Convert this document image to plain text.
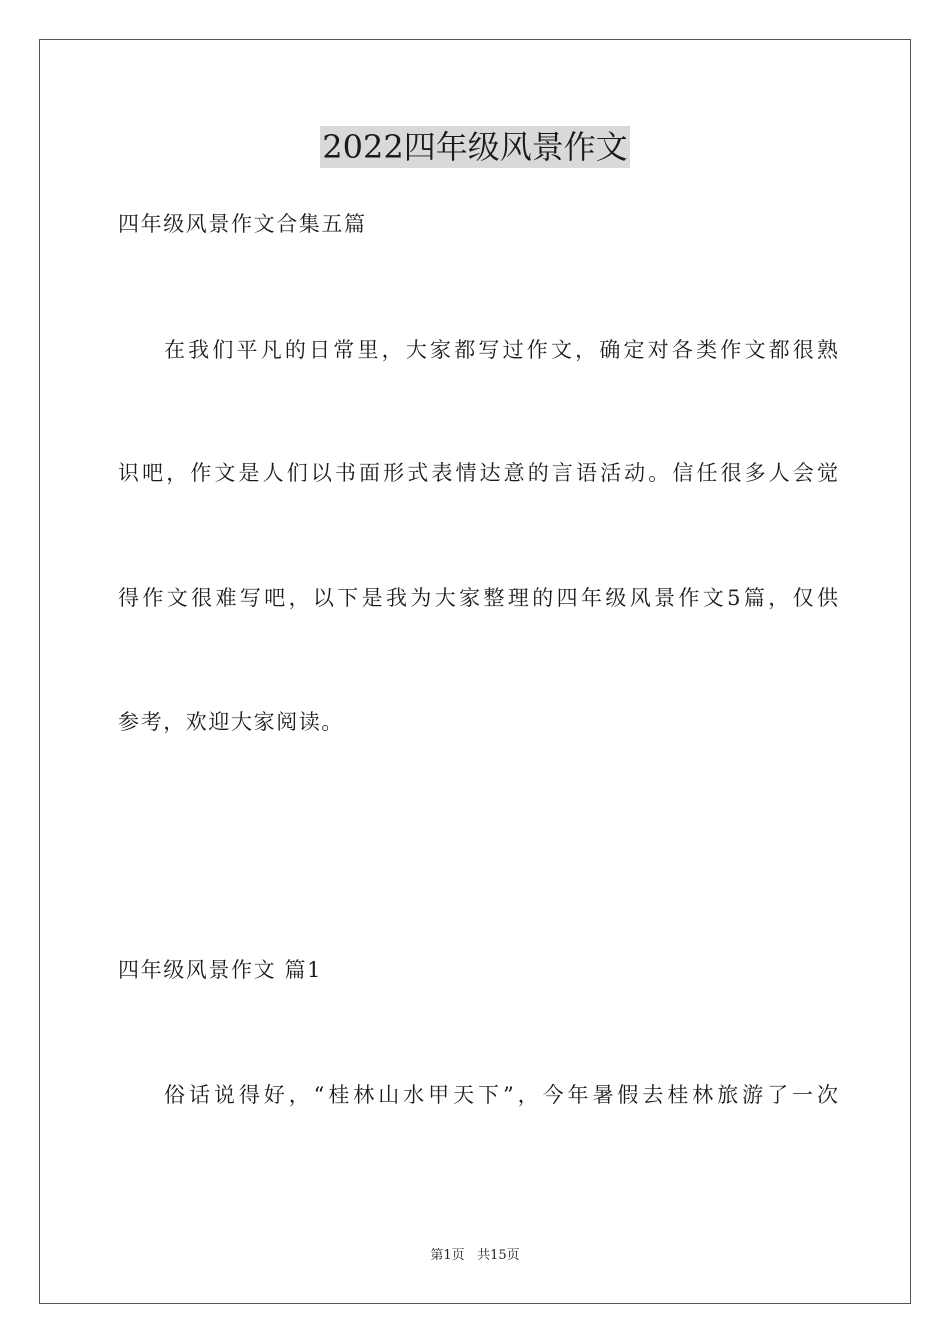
2022四年级风景作文

四年级风景作文合集五篇

在我们平凡的日常里，大家都写过作文，确定对各类作文都很熟

识吧，作文是人们以书面形式表情达意的言语活动。信任很多人会觉

得作文很难写吧，以下是我为大家整理的四年级风景作文5篇，仅供

参考，欢迎大家阅读。

四年级风景作文 篇1

俗话说得好，“桂林山水甲天下”，今年暑假去桂林旅游了一次

第1页 共15页
